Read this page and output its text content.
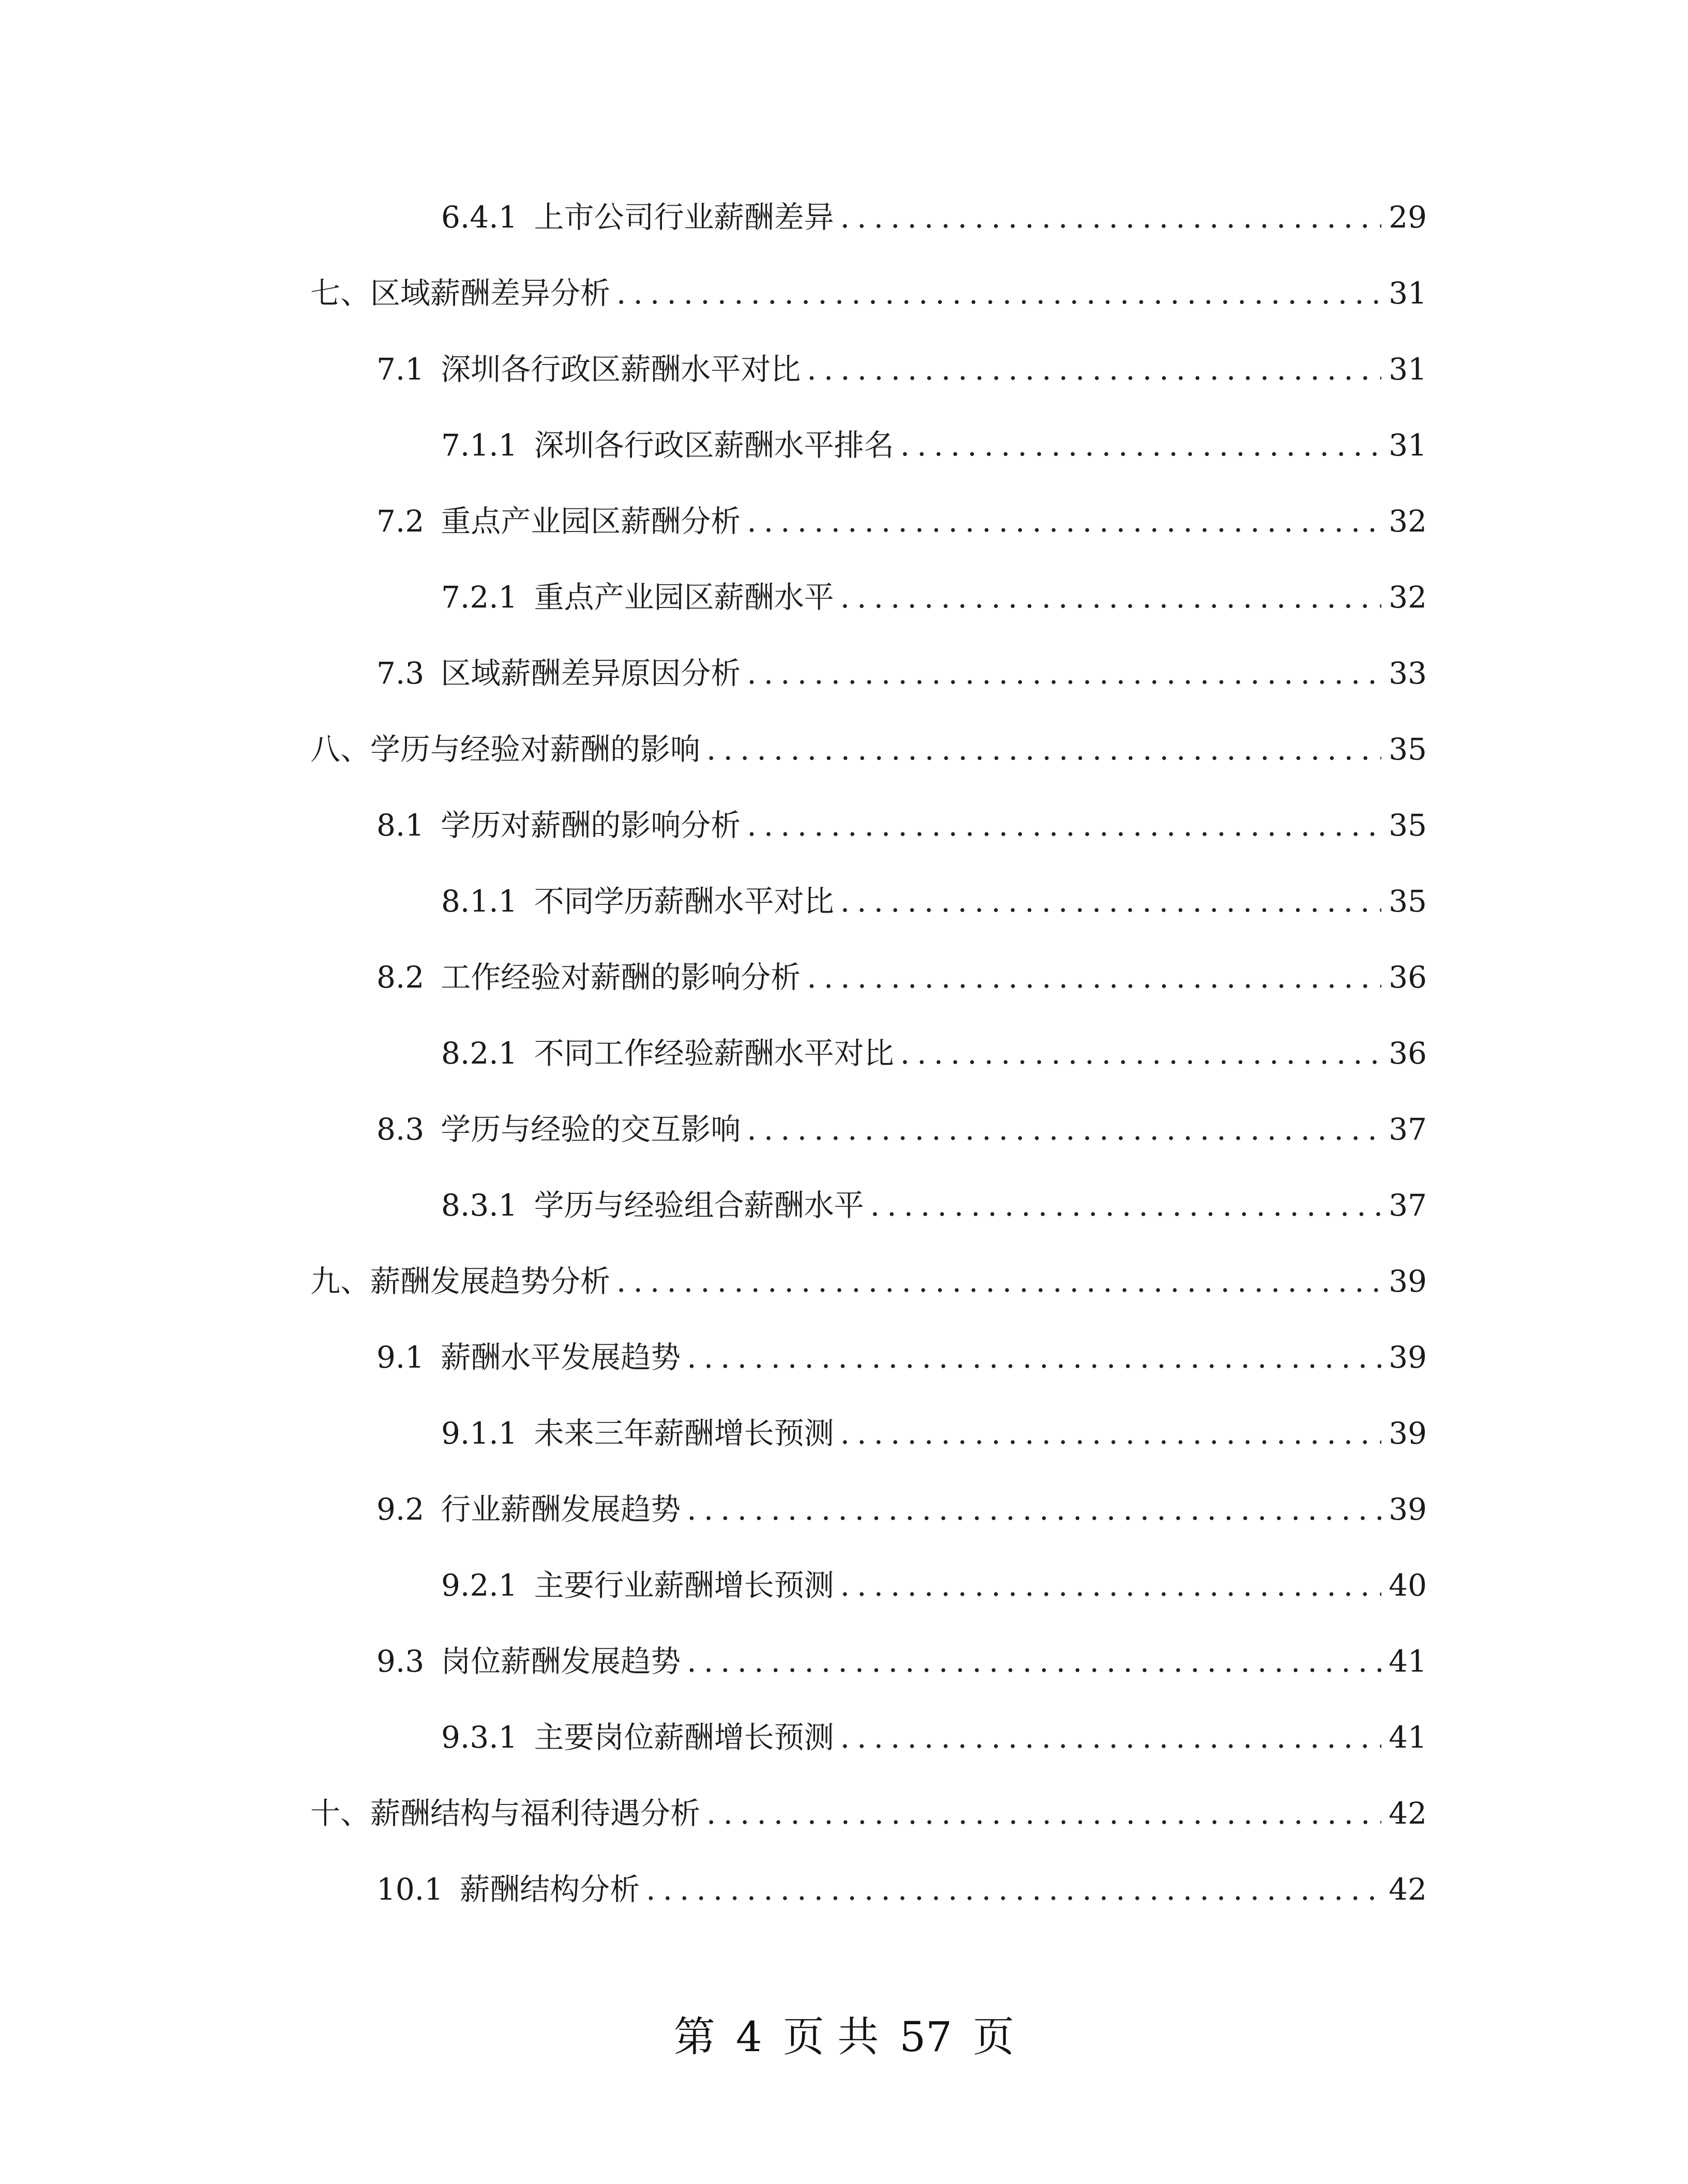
6.4.1 上市公司行业薪酬差异 .....	29
七、区域薪酬差异分析 .....	31
7.1 深圳各行政区薪酬水平对比 .....	31
7.1.1 深圳各行政区薪酬水平排名 .....	31
7.2 重点产业园区薪酬分析 .....	32
7.2.1 重点产业园区薪酬水平 .....	32
7.3 区域薪酬差异原因分析 .....	33
八、学历与经验对薪酬的影响 .....	35
8.1 学历对薪酬的影响分析 .....	35
8.1.1 不同学历薪酬水平对比 .....	35
8.2 工作经验对薪酬的影响分析 .....	36
8.2.1 不同工作经验薪酬水平对比 .....	36
8.3 学历与经验的交互影响 .....	37
8.3.1 学历与经验组合薪酬水平 .....	37
九、薪酬发展趋势分析 .....	39
9.1 薪酬水平发展趋势 .....	39
9.1.1 未来三年薪酬增长预测 .....	39
9.2 行业薪酬发展趋势 .....	39
9.2.1 主要行业薪酬增长预测 .....	40
9.3 岗位薪酬发展趋势 .....	41
9.3.1 主要岗位薪酬增长预测 .....	41
十、薪酬结构与福利待遇分析 .....	42
10.1 薪酬结构分析 .....	42
第 4 页 共 57 页
